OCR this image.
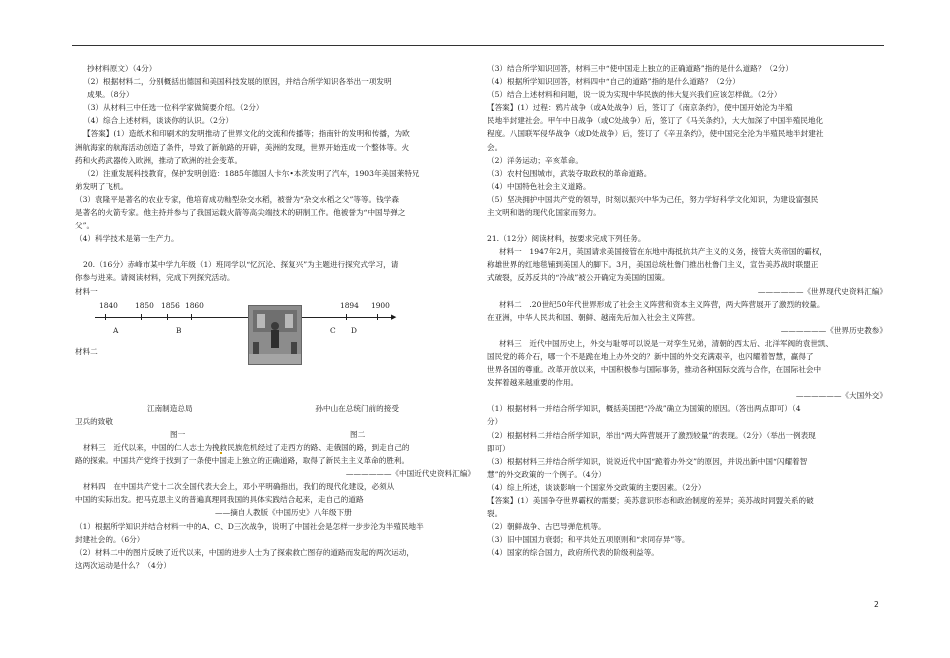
抄材料原文）（4分）

（2）根据材料二，分别概括出德国和美国科技发展的原因，并结合所学知识各举出一项发明

成果。（8分）

（3）从材料三中任选一位科学家做简要介绍。（2分）

（4）综合上述材料，谈谈你的认识。（2分）

【答案】(1）造纸术和印刷术的发明推动了世界文化的交流和传播等；指南针的发明和传播，为欧

洲航海家的航海活动创造了条件，导致了新航路的开辟，美洲的发现，世界开始连成一个整体等。火

药和火药武器传入欧洲，推动了欧洲的社会变革。

（2）注重发展科技教育，保护发明创造：1885年德国人卡尔•本茨发明了汽车，1903年美国莱特兄

弟发明了飞机。

（3）袁隆平是著名的农业专家，他培育成功籼型杂交水稻，被誉为“杂交水稻之父”等等。钱学森

是著名的火箭专家。他主持并参与了我国运载火箭等高尖端技术的研制工作。他被誉为“中国导弹之

父”。

（4）科学技术是第一生产力。

20.（16分）赤峰市某中学九年级（1）班同学以“忆沉沦、探复兴”为主题进行探究式学习，请

你参与进来。请阅读材料，完成下列探究活动。

材料一

1840 1850 1856 1860	1894 1900
▶
A	B	C D

材料二

江南制造总局	孙中山在总统门前的接受

卫兵的致敬

图一	图二

材料三　近代以来，中国的仁人志士为挽救民族危机经过了走西方的路、走俄国的路，到走自己的

路的探索。中国共产党终于找到了一条使中国走上独立的正确道路，取得了新民主主义革命的胜利。

——————《中国近代史资料汇编》

材料四　在中国共产党十二次全国代表大会上，邓小平明确指出，我们的现代化建设，必须从

中国的实际出发。把马克思主义的普遍真理同我国的具体实践结合起来，走自己的道路

——摘自人教版《中国历史》八年级下册

（1）根据所学知识并结合材料一中的A、C、D三次战争，说明了中国社会是怎样一步步沦为半殖民地半

封建社会的。（6分）

（2）材料二中的图片反映了近代以来，中国的进步人士为了探索救亡图存的道路而发起的两次运动，

这两次运动是什么？（4分）

（3）结合所学知识回答，材料三中“使中国走上独立的正确道路”指的是什么道路？（2分）

（4）根据所学知识回答，材料四中“自己的道路”指的是什么道路？（2分）

（5）结合上述材料和问题，说一说为实现中华民族的伟大复兴我们应该怎样做。（2分）

【答案】(1）过程：鸦片战争（或A处战争）后，签订了《南京条约》，使中国开始沦为半殖

民地半封建社会。甲午中日战争（或C处战争）后，签订了《马关条约》，大大加深了中国半殖民地化

程度。八国联军侵华战争（或D处战争）后，签订了《辛丑条约》，使中国完全沦为半殖民地半封建社

会。

（2）洋务运动；辛亥革命。

（3）农村包围城市，武装夺取政权的革命道路。

（4）中国特色社会主义道路。

（5）坚决拥护中国共产党的领导，时刻以振兴中华为己任，努力学好科学文化知识，为建设富强民

主文明和谐的现代化国家而努力。

21.（12分）阅读材料，按要求完成下列任务。

材料一　1947年2月，英国请求美国接管在东地中海抵抗共产主义的义务，接管大英帝国的霸权，

称雄世界的红地毯铺到美国人的脚下。3月，美国总统杜鲁门推出杜鲁门主义，宣告美苏战时联盟正

式破裂，反苏反共的“冷战”被公开确定为美国的国策。

——————《世界现代史资料汇编》

材料二　.20世纪50年代世界形成了社会主义阵营和资本主义阵营，两大阵营展开了激烈的较量。

在亚洲，中华人民共和国、朝鲜、越南先后加入社会主义阵营。

——————《世界历史教参》

材料三　近代中国历史上，外交与耻辱可以说是一对孪生兄弟，清朝的西太后、北洋军阀的袁世凯、

国民党的蒋介石，哪一个不是跪在地上办外交的？新中国的外交充满艰辛，也闪耀着智慧，赢得了

世界各国的尊重。改革开放以来，中国积极参与国际事务，推动各种国际交流与合作，在国际社会中

发挥着越来越重要的作用。

——————《大国外交》

（1）根据材料一并结合所学知识，概括美国把“冷战”确立为国策的原因。（答出两点即可）（4

分）

（2）根据材料二并结合所学知识，举出“两大阵营展开了激烈较量”的表现。（2分）（举出一例表现

即可）

（3）根据材料三并结合所学知识，说说近代中国“跪着办外交”的原因，并说出新中国“闪耀着智

慧”的外交政策的一个例子。（4分）

（4）综上所述，谈谈影响一个国家外交政策的主要因素。（2分）

【答案】(1）美国争夺世界霸权的需要；美苏意识形态和政治制度的差异；美苏战时同盟关系的破

裂。

（2）朝鲜战争、古巴导弹危机等。

（3）旧中国国力衰弱；和平共处五项原则和“求同存异”等。

（4）国家的综合国力，政府所代表的阶级利益等。

2
